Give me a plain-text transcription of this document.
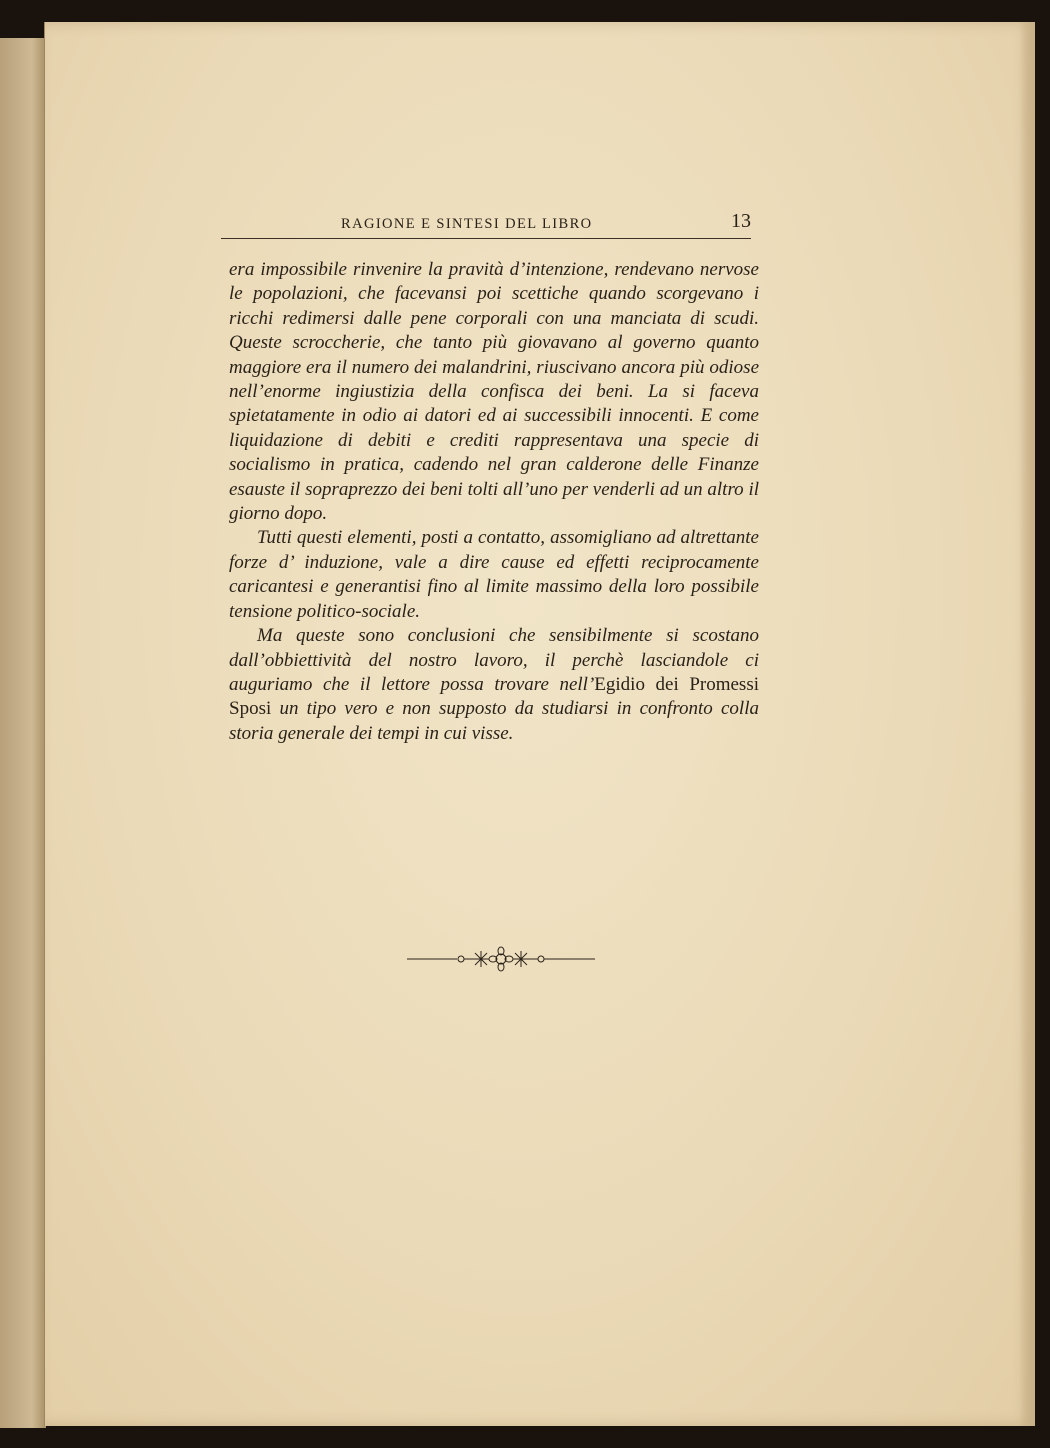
RAGIONE E SINTESI DEL LIBRO	13

era impossibile rinvenire la pravità d’intenzione, rendevano nervose le popolazioni, che facevansi poi scettiche quando scorgevano i ricchi redimersi dalle pene corporali con una manciata di scudi. Queste scroccherie, che tanto più giovavano al governo quanto maggiore era il numero dei malandrini, riuscivano ancora più odiose nell’enorme ingiustizia della confisca dei beni. La si faceva spietatamente in odio ai datori ed ai successibili innocenti. E come liquidazione di debiti e crediti rappresentava una specie di socialismo in pratica, cadendo nel gran calderone delle Finanze esauste il sopraprezzo dei beni tolti all’uno per venderli ad un altro il giorno dopo.

Tutti questi elementi, posti a contatto, assomigliano ad altrettante forze d’ induzione, vale a dire cause ed effetti reciprocamente caricantesi e generantisi fino al limite massimo della loro possibile tensione politico-sociale.

Ma queste sono conclusioni che sensibilmente si scostano dall’obbiettività del nostro lavoro, il perchè lasciandole ci auguriamo che il lettore possa trovare nell’Egidio dei Promessi Sposi un tipo vero e non supposto da studiarsi in confronto colla storia generale dei tempi in cui visse.
